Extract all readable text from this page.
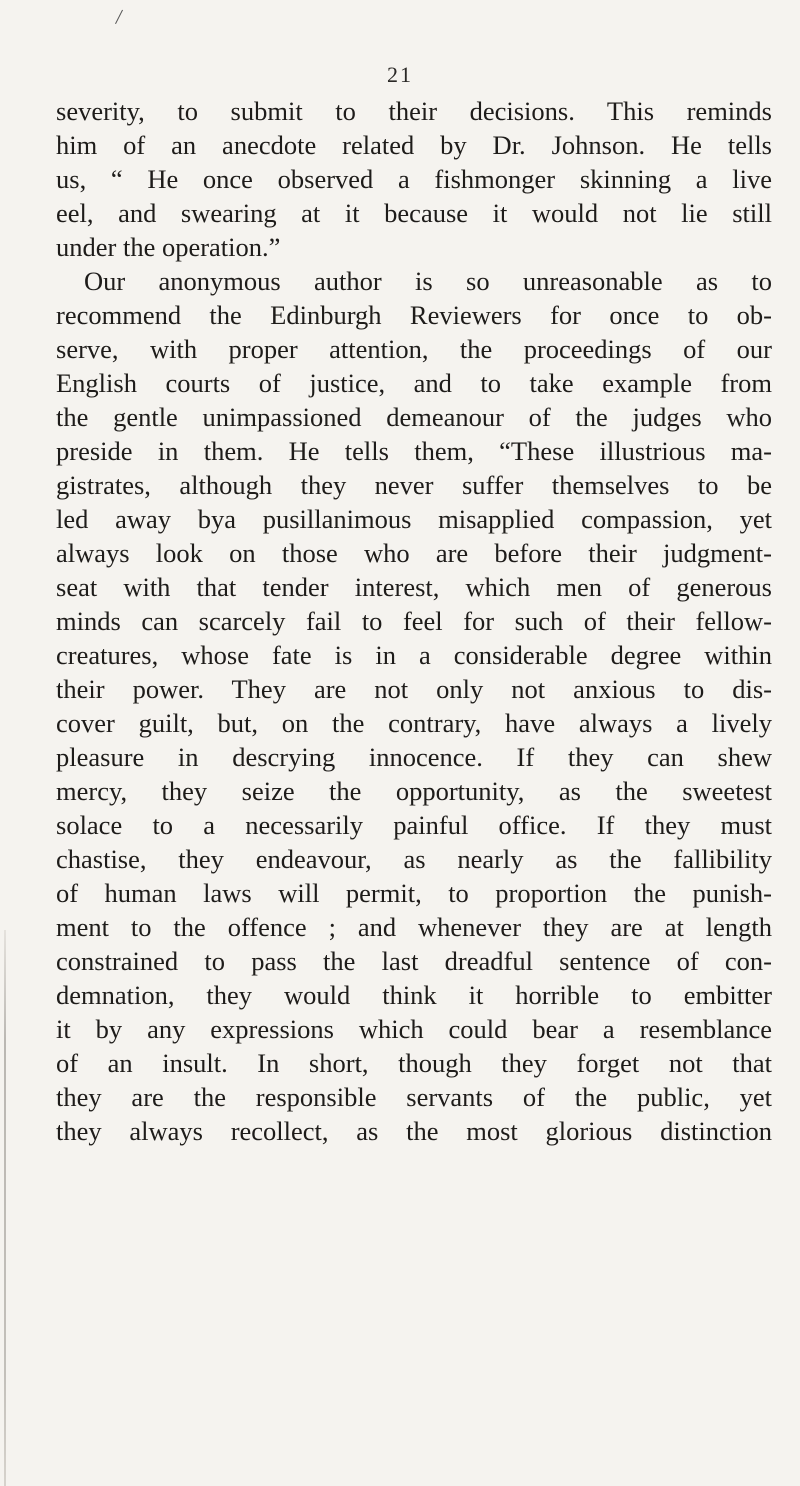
/
21
severity, to submit to their decisions. This reminds
him of an anecdote related by Dr. Johnson. He tells
us, “ He once observed a fishmonger skinning a live
eel, and swearing at it because it would not lie still
under the operation.”
Our anonymous author is so unreasonable as to
recommend the Edinburgh Reviewers for once to ob-
serve, with proper attention, the proceedings of our
English courts of justice, and to take example from
the gentle unimpassioned demeanour of the judges who
preside in them. He tells them, “These illustrious ma-
gistrates, although they never suffer themselves to be
led away bya pusillanimous misapplied compassion, yet
always look on those who are before their judgment-
seat with that tender interest, which men of generous
minds can scarcely fail to feel for such of their fellow-
creatures, whose fate is in a considerable degree within
their power. They are not only not anxious to dis-
cover guilt, but, on the contrary, have always a lively
pleasure in descrying innocence. If they can shew
mercy, they seize the opportunity, as the sweetest
solace to a necessarily painful office. If they must
chastise, they endeavour, as nearly as the fallibility
of human laws will permit, to proportion the punish-
ment to the offence ; and whenever they are at length
constrained to pass the last dreadful sentence of con-
demnation, they would think it horrible to embitter
it by any expressions which could bear a resemblance
of an insult. In short, though they forget not that
they are the responsible servants of the public, yet
they always recollect, as the most glorious distinction
